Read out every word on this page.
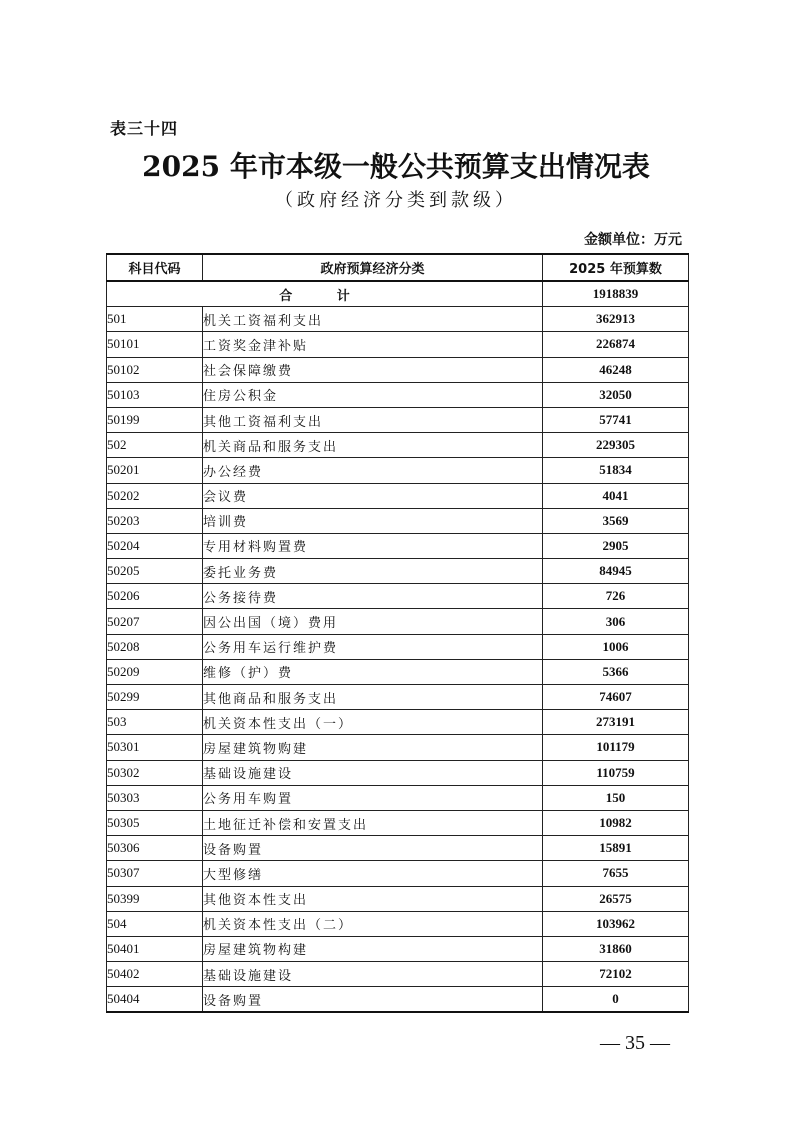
表三十四
2025 年市本级一般公共预算支出情况表
（政府经济分类到款级）
金额单位：万元
科目代码	政府预算经济分类	2025 年预算数
合 计		1918839
501	机关工资福利支出	362913
50101	工资奖金津补贴	226874
50102	社会保障缴费	46248
50103	住房公积金	32050
50199	其他工资福利支出	57741
502	机关商品和服务支出	229305
50201	办公经费	51834
50202	会议费	4041
50203	培训费	3569
50204	专用材料购置费	2905
50205	委托业务费	84945
50206	公务接待费	726
50207	因公出国（境）费用	306
50208	公务用车运行维护费	1006
50209	维修（护）费	5366
50299	其他商品和服务支出	74607
503	机关资本性支出（一）	273191
50301	房屋建筑物购建	101179
50302	基础设施建设	110759
50303	公务用车购置	150
50305	土地征迁补偿和安置支出	10982
50306	设备购置	15891
50307	大型修缮	7655
50399	其他资本性支出	26575
504	机关资本性支出（二）	103962
50401	房屋建筑物构建	31860
50402	基础设施建设	72102
50404	设备购置	0
— 35 —
